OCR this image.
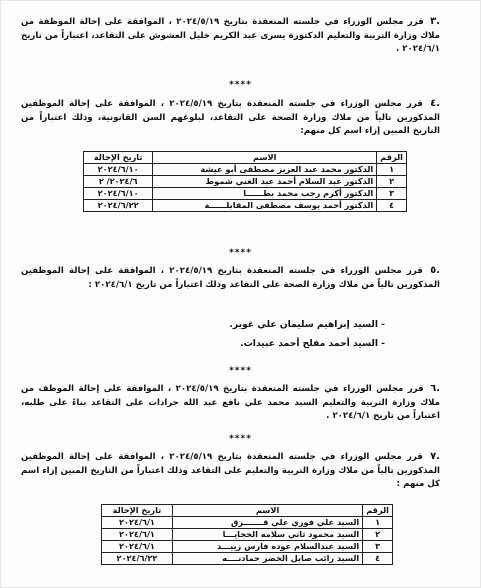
.٣ قرر مجلس الوزراء في جلسته المنعقدة بتاريخ ٢٠٢٤/٥/١٩ ، الموافقة على إحالة الموظفة من ملاك وزارة التربية والتعليم الدكتورة يسرى عبد الكريم خليل العشوش على التقاعد، اعتباراً من تاريخ ٢٠٢٤/٦/١ .
****
.٤ قرر مجلس الوزراء في جلسته المنعقدة بتاريخ ٢٠٢٤/٥/١٩ ، الموافقة على إحالة الموظفين المذكورين تالياً من ملاك وزارة الصحة على التقاعد، لبلوغهم السن القانونية، وذلك اعتباراً من التاريخ المبين إزاء اسم كل منهم:
الرقم	الاسم	تاريخ الإحالة
١	الدكتور محمد عبد العزيز مصطفى أبو عيشة	٢٠٢٤/٦/١٠
٢	الدكتور عبد السلام أحمد عبد الغني شموط	٢٠٢٤/٦/ ٢
٣	الدكتور أكرم رجب محمد بطــــــا	٢٠٢٤/٦/١٠
٤	الدكتور أحمد يوسف مصطفى المقابلــــــة	٢٠٢٤/٦/٢٢
****
.٥ قرر مجلس الوزراء في جلسته المنعقدة بتاريخ ٢٠٢٤/٥/١٩ ، الموافقة على إحالة الموظفين المذكورين تالياً من ملاك وزارة الصحة على التقاعد وذلك اعتباراً من تاريخ ٢٠٢٤/٦/١ :
- السيد إبراهيم سليمان علي غوير.
- السيد أحمد مفلح أحمد عبيدات.
****
.٦ قرر مجلس الوزراء في جلسته المنعقدة بتاريخ ٢٠٢٤/٥/١٩ ، الموافقة على إحالة الموظف من ملاك وزارة التربية والتعليم السيد محمد علي نافع عبد الله جرادات على التقاعد بناءً على طلبه، اعتباراً من تاريخ ٢٠٢٤/٦/١ .
****
.٧ قرر مجلس الوزراء في جلسته المنعقدة بتاريخ ٢٠٢٤/٥/١٩ ، الموافقة على إحالة الموظفين المذكورين تالياً من ملاك وزارة التربية والتعليم على التقاعد وذلك اعتباراً من التاريخ المبين إزاء اسم كل منهم :
الرقم	الاسم	تاريخ الإحالة
١	السيد علي فوزي علي قـــــــزق	٢٠٢٤/٦/١
٢	السيد محمود ثاني سلامه الحجايـــا	٢٠٢٤/٦/١
٣	السيد عبدالسلام عوده فارس زييـــد	٢٠٢٤/٦/١
٤	السيد رائب صايل الخضر حمادنــــه	٢٠٢٤/٦/٢٢
